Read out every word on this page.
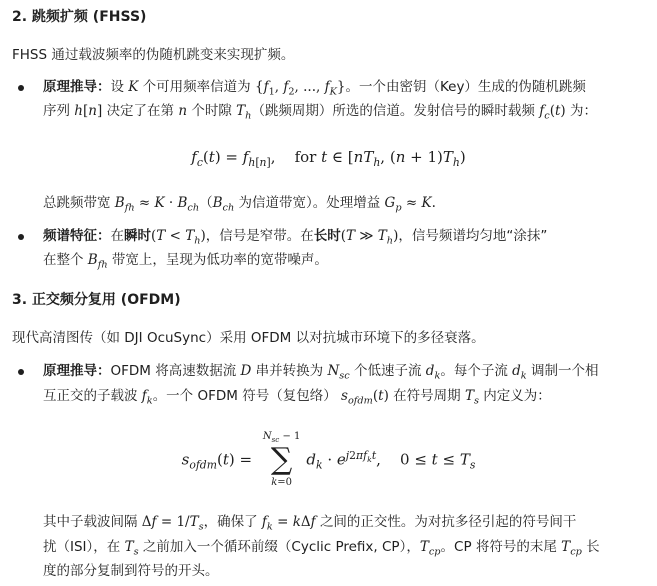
2. 跳频扩频 (FHSS)
FHSS 通过载波频率的伪随机跳变来实现扩频。
原理推导：设 K 个可用频率信道为 {$f_1$, $f_2$, ..., $f_K$}。一个由密钥（Key）生成的伪随机跳频
序列 h[n] 决定了在第 n 个时隙 $T_h$（跳频周期）所选的信道。发射信号的瞬时载频 $f_c(t)$ 为：
$f_c(t) = f_{h[n]}$, for t ∈ [$nT_h$, $(n + 1)T_h$)
总跳频带宽 $B_{fh} \approx K \cdot B_{ch}(B_{ch}$ 为信道带宽）。处理增益 $G_p \approx K$.
频谱特征：在瞬时$(T < T_h)$，信号是窄带。在长时(T ≫ $T_h$)，信号频谱均匀地“涂抹”
在整个 $B_{fh}$ 带宽上，呈现为低功率的宽带噪声。
3. 正交频分复用 (OFDM)
现代高清图传（如 DJI OcuSync）采用 OFDM 以对抗城市环境下的多径衰落。
原理推导：OFDM 将高速数据流 D 串并转换为 $N_{sc}$ 个低速子流 $d_k$。每个子流 $d_k$ 调制一个相
互正交的子载波 $f_k$。一个 OFDM 符号（复包络） $s_{ofdm}(t)$ 在符号周期 $T_s$ 内定义为：
$s_{ofdm}(t)$ =
$N_{sc} - 1$
∑
k=0
$d_k \cdot e^{j2\pi f_kt}$, $0 \le t \le T_s$
其中子载波间隔 $\Delta f = 1/T_s$，确保了 $f_k = k\Delta f$ 之间的正交性。为对抗多径引起的符号间干
扰（ISI），在 $T_s$ 之前加入一个循环前缀（Cyclic Prefix, CP），$T_{cp}$。CP 将符号的末尾 $T_{cp}$ 长
度的部分复制到符号的开头。
